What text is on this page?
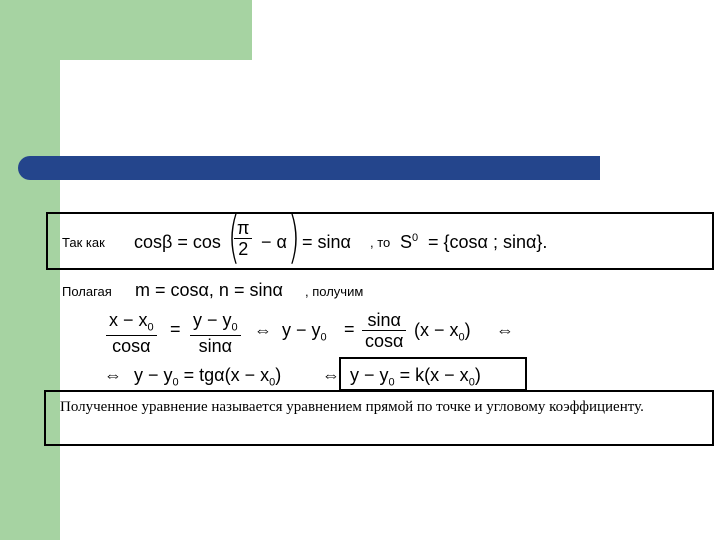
Так как cosβ = cos (
π
2 − α ) = sinα , то $S^0 = \{\cos\alpha$ ; sinα}.
Полагая m = cosα, n = sinα , получим
$x - x_0$
cosα
= $y - y_0$
sinα
⇔ $y - y_0 = \sin\alpha$
cosα
$(x - x_0)$ ⇔
⇔ $y - y_0 = tg\alpha(x - x_0)$ ⇔ $y - y_0 = k(x - x_0)$
Полученное уравнение называется уравнением прямой по точке и угловому коэффициенту.
